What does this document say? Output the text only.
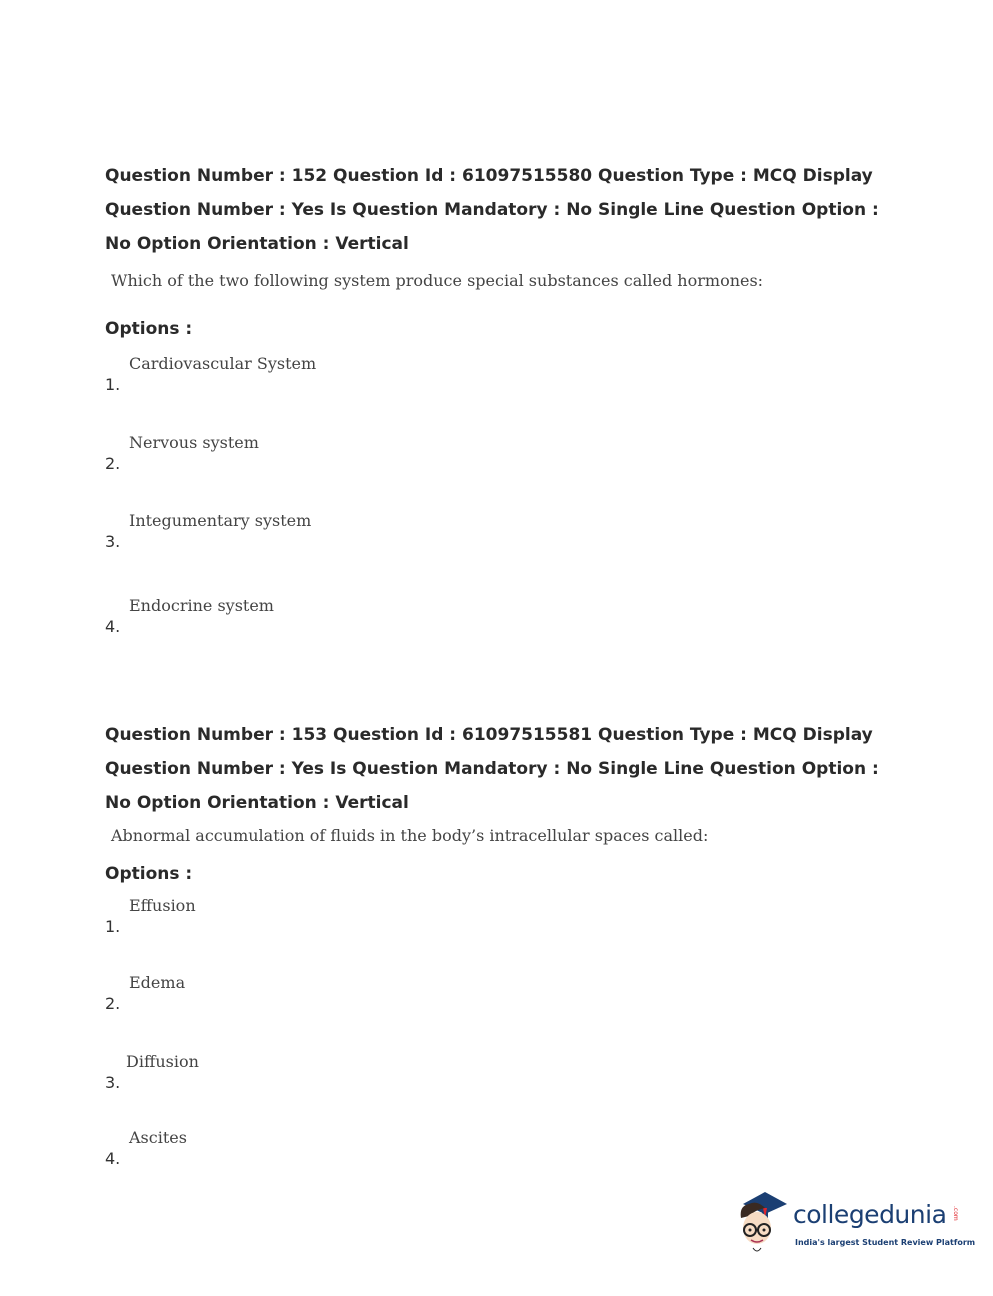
Question Number : 152 Question Id : 61097515580 Question Type : MCQ Display Question Number : Yes Is Question Mandatory : No Single Line Question Option : No Option Orientation : Vertical

Which of the two following system produce special substances called hormones:

Options :

1.
Cardiovascular System
2.
Nervous system
3.
Integumentary system
4.
Endocrine system

Question Number : 153 Question Id : 61097515581 Question Type : MCQ Display Question Number : Yes Is Question Mandatory : No Single Line Question Option : No Option Orientation : Vertical

Abnormal accumulation of fluids in the body’s intracellular spaces called:

Options :

1.
Effusion
2.
Edema
3.
Diffusion
4.
Ascites
collegedunia .com
India's largest Student Review Platform
